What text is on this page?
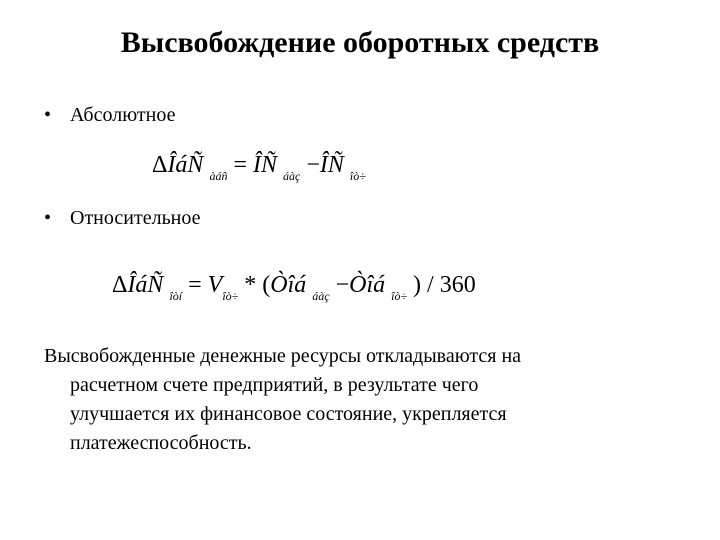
Высвобождение оборотных средств
• Абсолютное
ΔÎáÑ $_{àáñ}$ = ÎÑ $_{áàç}$ −ÎÑ $_{îò\div}$
• Относительное
ΔÎáÑ $_{îòí} = V_{îò\div}$ * (Òîá $_{áàç}$ −Òîá $_{îò\div}$ ) / 360
Высвобожденные денежные ресурсы откладываются на
расчетном счете предприятий, в результате чего
улучшается их финансовое состояние, укрепляется
платежеспособность.
